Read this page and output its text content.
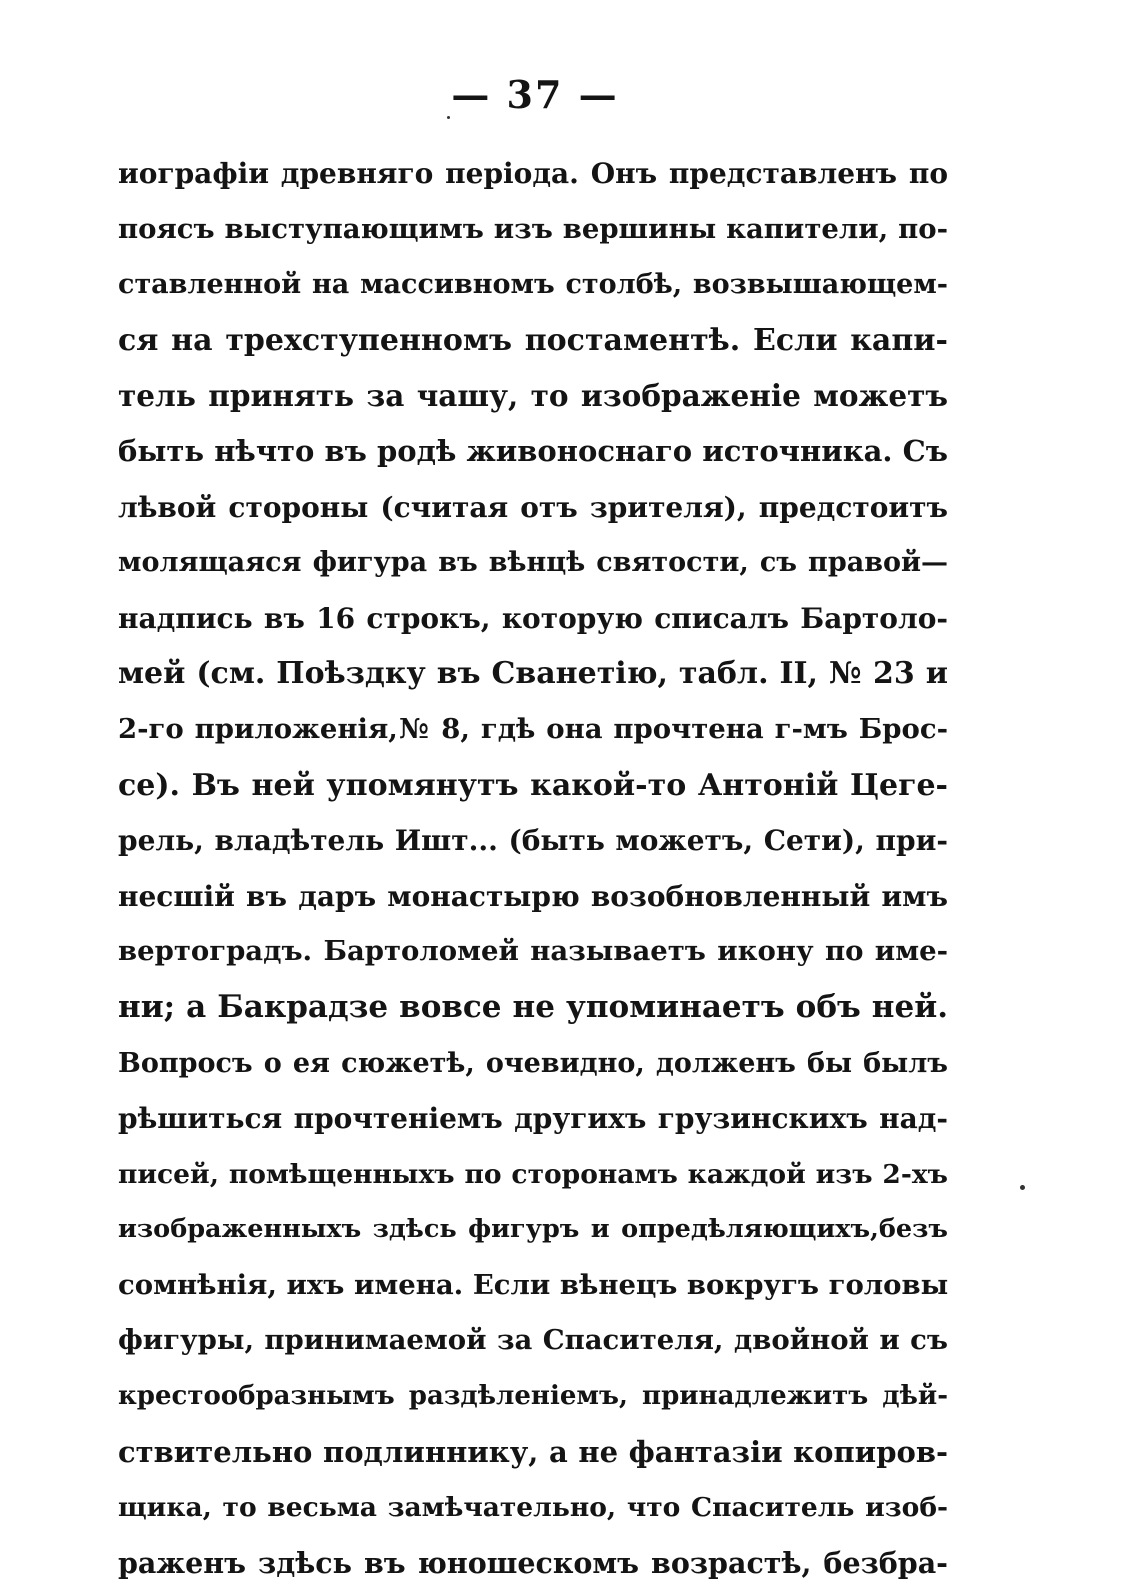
— 37 —
иографіи древняго періода. Онъ представленъ по
поясъ выступающимъ изъ вершины капители, по-
ставленной на массивномъ столбѣ, возвышающем-
ся на трехступенномъ постаментѣ. Если капи-
тель принять за чашу, то изображеніе можетъ
быть нѣчто въ родѣ живоноснаго источника. Съ
лѣвой стороны (считая отъ зрителя), предстоитъ
молящаяся фигура въ вѣнцѣ святости, съ правой—
надпись въ 16 строкъ, которую списалъ Бартоло-
мей (см. Поѣздку въ Сванетію, табл. II, № 23 и
2-го приложенія,№ 8, гдѣ она прочтена г-мъ Брос-
се). Въ ней упомянутъ какой-то Антоній Цеге-
рель, владѣтель Ишт... (быть можетъ, Сети), при-
несшій въ даръ монастырю возобновленный имъ
вертоградъ. Бартоломей называетъ икону по име-
ни; а Бакрадзе вовсе не упоминаетъ объ ней.
Вопросъ о ея сюжетѣ, очевидно, долженъ бы былъ
рѣшиться прочтеніемъ другихъ грузинскихъ над-
писей, помѣщенныхъ по сторонамъ каждой изъ 2-хъ
изображенныхъ здѣсь фигуръ и опредѣляющихъ,безъ
сомнѣнія, ихъ имена. Если вѣнецъ вокругъ головы
фигуры, принимаемой за Спасителя, двойной и съ
крестообразнымъ раздѣленіемъ, принадлежитъ дѣй-
ствительно подлиннику, а не фантазіи копиров-
щика, то весьма замѣчательно, что Спаситель изоб-
раженъ здѣсь въ юношескомъ возрастѣ, безбра-
